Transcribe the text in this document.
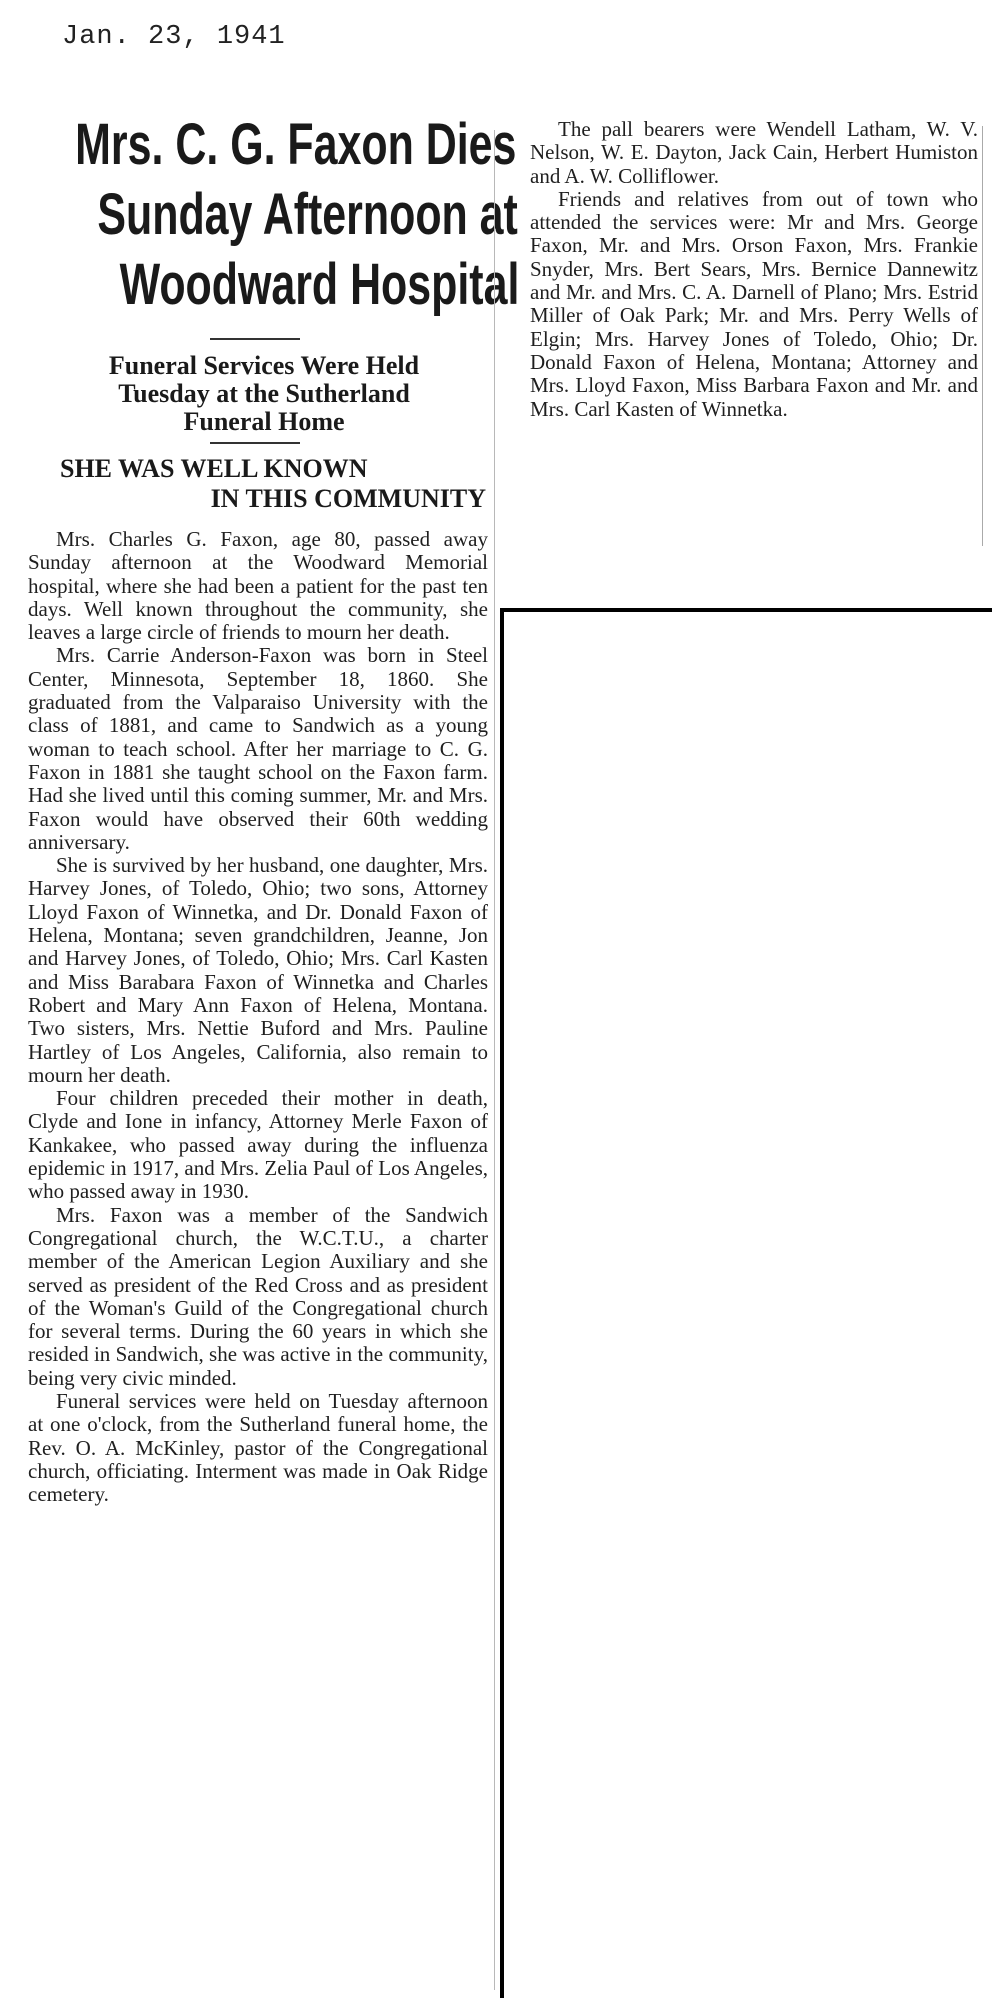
Jan. 23, 1941
Mrs. C. G. Faxon Dies
Sunday Afternoon at
Woodward Hospital
Funeral Services Were Held
Tuesday at the Sutherland
Funeral Home
SHE WAS WELL KNOWN
IN THIS COMMUNITY

Mrs. Charles G. Faxon, age 80, passed away Sunday afternoon at the Woodward Memorial hospital, where she had been a patient for the past ten days. Well known throughout the community, she leaves a large circle of friends to mourn her death.

Mrs. Carrie Anderson-Faxon was born in Steel Center, Minnesota, September 18, 1860. She graduated from the Valparaiso University with the class of 1881, and came to Sandwich as a young woman to teach school. After her marriage to C. G. Faxon in 1881 she taught school on the Faxon farm. Had she lived until this coming summer, Mr. and Mrs. Faxon would have observed their 60th wedding anniversary.

She is survived by her husband, one daughter, Mrs. Harvey Jones, of Toledo, Ohio; two sons, Attorney Lloyd Faxon of Winnetka, and Dr. Donald Faxon of Helena, Montana; seven grandchildren, Jeanne, Jon and Harvey Jones, of Toledo, Ohio; Mrs. Carl Kasten and Miss Barabara Faxon of Winnetka and Charles Robert and Mary Ann Faxon of Helena, Montana. Two sisters, Mrs. Nettie Buford and Mrs. Pauline Hartley of Los Angeles, California, also remain to mourn her death.

Four children preceded their mother in death, Clyde and Ione in infancy, Attorney Merle Faxon of Kankakee, who passed away during the influenza epidemic in 1917, and Mrs. Zelia Paul of Los Angeles, who passed away in 1930.

Mrs. Faxon was a member of the Sandwich Congregational church, the W.C.T.U., a charter member of the American Legion Auxiliary and she served as president of the Red Cross and as president of the Woman's Guild of the Congregational church for several terms. During the 60 years in which she resided in Sandwich, she was active in the community, being very civic minded.

Funeral services were held on Tuesday afternoon at one o'clock, from the Sutherland funeral home, the Rev. O. A. McKinley, pastor of the Congregational church, officiating. Interment was made in Oak Ridge cemetery.

The pall bearers were Wendell Latham, W. V. Nelson, W. E. Dayton, Jack Cain, Herbert Humiston and A. W. Colliflower.

Friends and relatives from out of town who attended the services were: Mr and Mrs. George Faxon, Mr. and Mrs. Orson Faxon, Mrs. Frankie Snyder, Mrs. Bert Sears, Mrs. Bernice Dannewitz and Mr. and Mrs. C. A. Darnell of Plano; Mrs. Estrid Miller of Oak Park; Mr. and Mrs. Perry Wells of Elgin; Mrs. Harvey Jones of Toledo, Ohio; Dr. Donald Faxon of Helena, Montana; Attorney and Mrs. Lloyd Faxon, Miss Barbara Faxon and Mr. and Mrs. Carl Kasten of Winnetka.
